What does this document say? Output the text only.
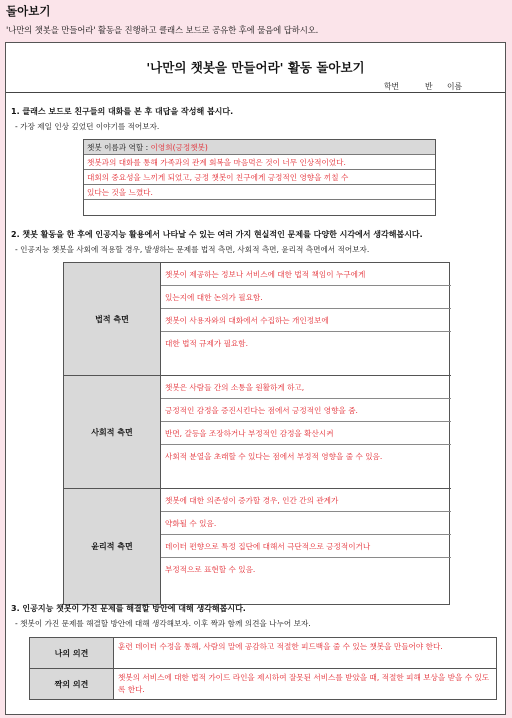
돌아보기
'나만의 챗봇을 만들어라' 활동을 진행하고 클래스 보드로 공유한 후에 물음에 답하시오.
'나만의 챗봇을 만들어라' 활동 돌아보기
학번	반 이름
1. 클래스 보드로 친구들의 대화를 본 후 대답을 작성해 봅시다.
- 가장 제일 인상 깊었던 이야기를 적어보자.
챗봇 이름과 역할 : 이영희(긍정챗봇)
챗봇과의 대화를 통해 가족과의 관계 회복을 마음먹은 것이 너무 인상적이었다.
대회의 중요성을 느끼게 되었고, 긍정 챗봇이 친구에게 긍정적인 영향을 끼칠 수
있다는 것을 느꼈다.
2. 챗봇 활동을 한 후에 인공지능 활용에서 나타날 수 있는 여러 가지 현실적인 문제를 다양한 시각에서 생각해봅시다.
- 인공지능 챗봇을 사회에 적용할 경우, 발생하는 문제를 법적 측면, 사회적 측면, 윤리적 측면에서 적어보자.
법적 측면
챗봇이 제공하는 정보나 서비스에 대한 법적 책임이 누구에게
있는지에 대한 논의가 필요함.
챗봇이 사용자와의 대화에서 수집하는 개인정보에
대한 법적 규제가 필요함.
사회적 측면
챗봇은 사람들 간의 소통을 원활하게 하고,
긍정적인 감정을 증진시킨다는 점에서 긍정적인 영향을 줌.
반면, 갈등을 조장하거나 부정적인 감정을 확산시켜
사회적 분열을 초래할 수 있다는 점에서 부정적 영향을 줄 수 있음.
윤리적 측면
챗봇에 대한 의존성이 증가할 경우, 인간 간의 관계가
약화될 수 있음.
데이터 편향으로 특정 집단에 대해서 극단적으로 긍정적이거나
부정적으로 표현할 수 있음.
3. 인공지능 챗봇이 가진 문제를 해결할 방안에 대해 생각해봅시다.
- 챗봇이 가진 문제를 해결할 방안에 대해 생각해보자. 이후 짝과 함께 의견을 나누어 보자.
나의 의견
훈련 데이터 수정을 통해, 사람의 말에 공감하고 적절한 피드백을 줄 수 있는 챗봇을 만들어야 한다.
짝의 의견
챗봇의 서비스에 대한 법적 가이드 라인을 제시하여 잘못된 서비스를 받았을 때, 적절한 피해 보상을 받을 수 있도록 한다.
